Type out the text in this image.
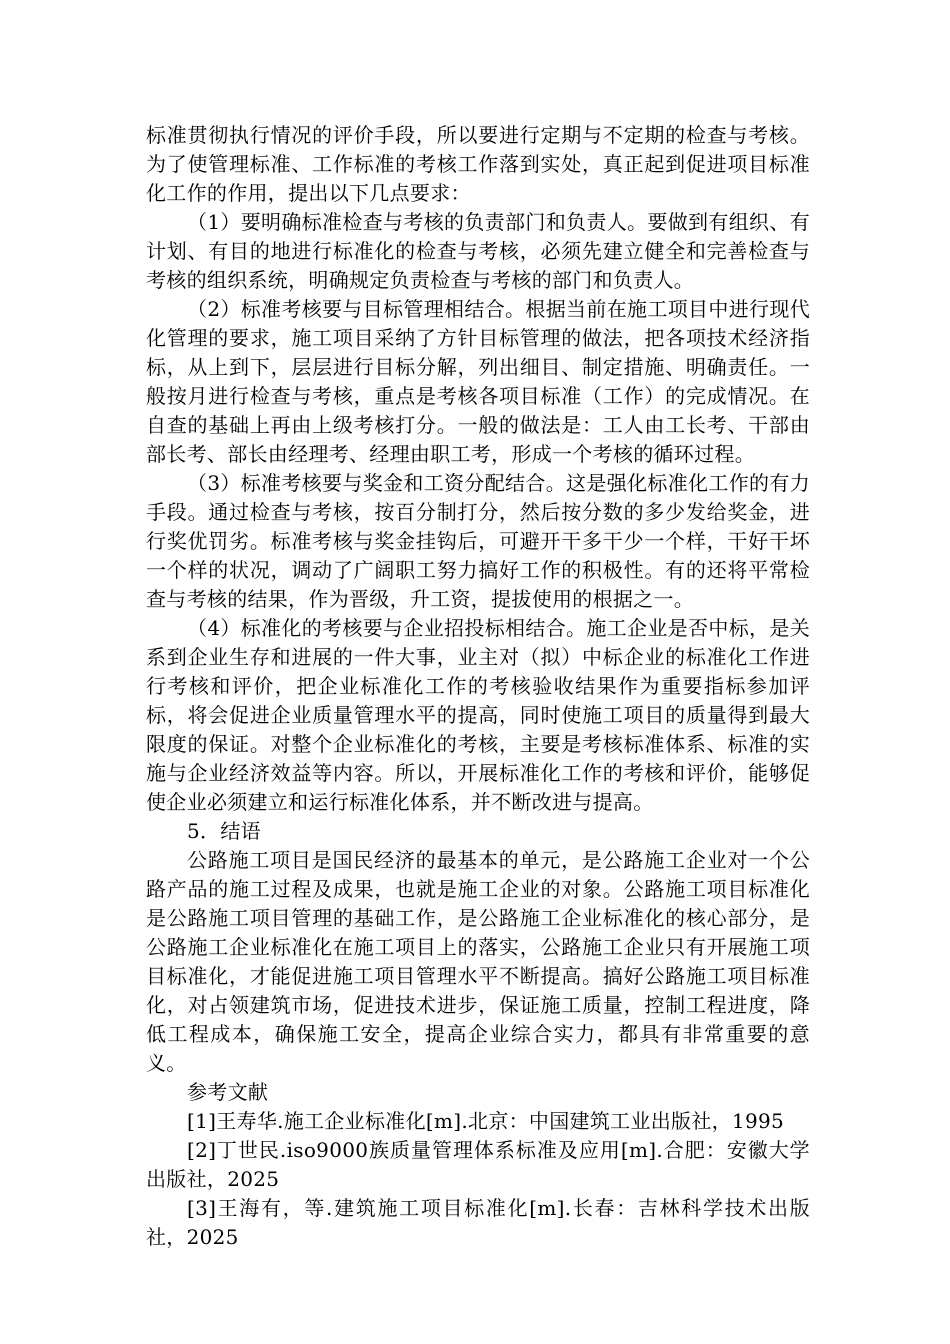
标准贯彻执行情况的评价手段，所以要进行定期与不定期的检查与考核。为了使管理标准、工作标准的考核工作落到实处，真正起到促进项目标准化工作的作用，提出以下几点要求：

（1）要明确标准检查与考核的负责部门和负责人。要做到有组织、有计划、有目的地进行标准化的检查与考核，必须先建立健全和完善检查与考核的组织系统，明确规定负责检查与考核的部门和负责人。

（2）标准考核要与目标管理相结合。根据当前在施工项目中进行现代化管理的要求，施工项目采纳了方针目标管理的做法，把各项技术经济指标，从上到下，层层进行目标分解，列出细目、制定措施、明确责任。一般按月进行检查与考核，重点是考核各项目标准（工作）的完成情况。在自查的基础上再由上级考核打分。一般的做法是：工人由工长考、干部由部长考、部长由经理考、经理由职工考，形成一个考核的循环过程。

（3）标准考核要与奖金和工资分配结合。这是强化标准化工作的有力手段。通过检查与考核，按百分制打分，然后按分数的多少发给奖金，进行奖优罚劣。标准考核与奖金挂钩后，可避开干多干少一个样，干好干坏一个样的状况，调动了广阔职工努力搞好工作的积极性。有的还将平常检查与考核的结果，作为晋级，升工资，提拔使用的根据之一。

（4）标准化的考核要与企业招投标相结合。施工企业是否中标，是关系到企业生存和进展的一件大事，业主对（拟）中标企业的标准化工作进行考核和评价，把企业标准化工作的考核验收结果作为重要指标参加评标，将会促进企业质量管理水平的提高，同时使施工项目的质量得到最大限度的保证。对整个企业标准化的考核，主要是考核标准体系、标准的实施与企业经济效益等内容。所以，开展标准化工作的考核和评价，能够促使企业必须建立和运行标准化体系，并不断改进与提高。

5．结语

公路施工项目是国民经济的最基本的单元，是公路施工企业对一个公路产品的施工过程及成果，也就是施工企业的对象。公路施工项目标准化是公路施工项目管理的基础工作，是公路施工企业标准化的核心部分，是公路施工企业标准化在施工项目上的落实，公路施工企业只有开展施工项目标准化，才能促进施工项目管理水平不断提高。搞好公路施工项目标准化，对占领建筑市场，促进技术进步，保证施工质量，控制工程进度，降低工程成本，确保施工安全，提高企业综合实力，都具有非常重要的意义。

参考文献

[1]王寿华.施工企业标准化[m].北京：中国建筑工业出版社，1995

[2]丁世民.iso9000族质量管理体系标准及应用[m].合肥：安徽大学出版社，2025

[3]王海有，等.建筑施工项目标准化[m].长春：吉林科学技术出版社，2025
